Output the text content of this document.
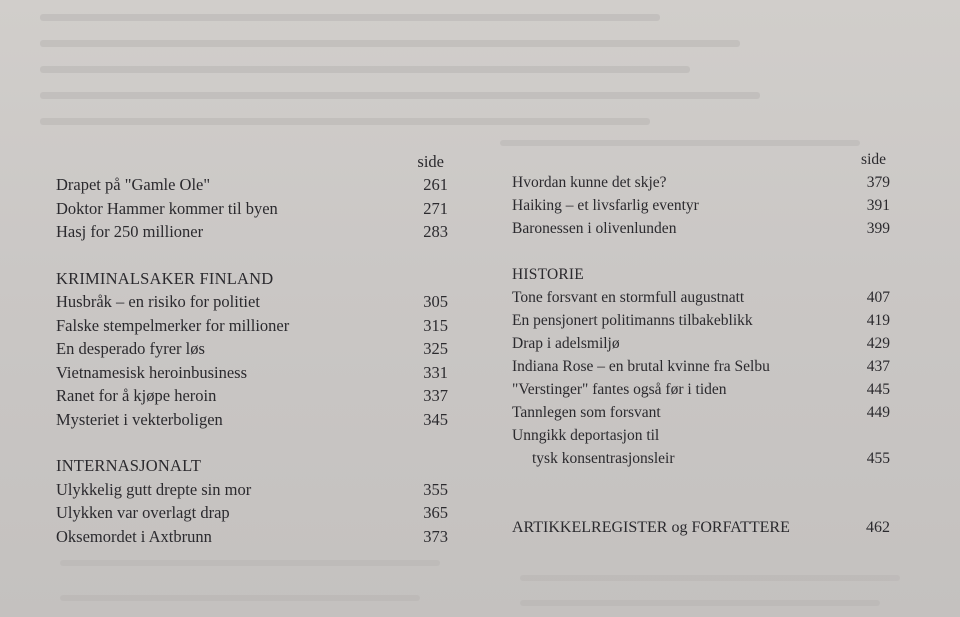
side
Drapet på "Gamle Ole"	261
Doktor Hammer kommer til byen	271
Hasj for 250 millioner	283
KRIMINALSAKER FINLAND
Husbråk – en risiko for politiet	305
Falske stempelmerker for millioner	315
En desperado fyrer løs	325
Vietnamesisk heroinbusiness	331
Ranet for å kjøpe heroin	337
Mysteriet i vekterboligen	345
INTERNASJONALT
Ulykkelig gutt drepte sin mor	355
Ulykken var overlagt drap	365
Oksemordet i Axtbrunn	373
side
Hvordan kunne det skje?	379
Haiking – et livsfarlig eventyr	391
Baronessen i olivenlunden	399
HISTORIE
Tone forsvant en stormfull augustnatt	407
En pensjonert politimanns tilbakeblikk	419
Drap i adelsmiljø	429
Indiana Rose – en brutal kvinne fra Selbu	437
"Verstinger" fantes også før i tiden	445
Tannlegen som forsvant	449
Unngikk deportasjon til
tysk konsentrasjonsleir	455
ARTIKKELREGISTER og FORFATTERE	462
